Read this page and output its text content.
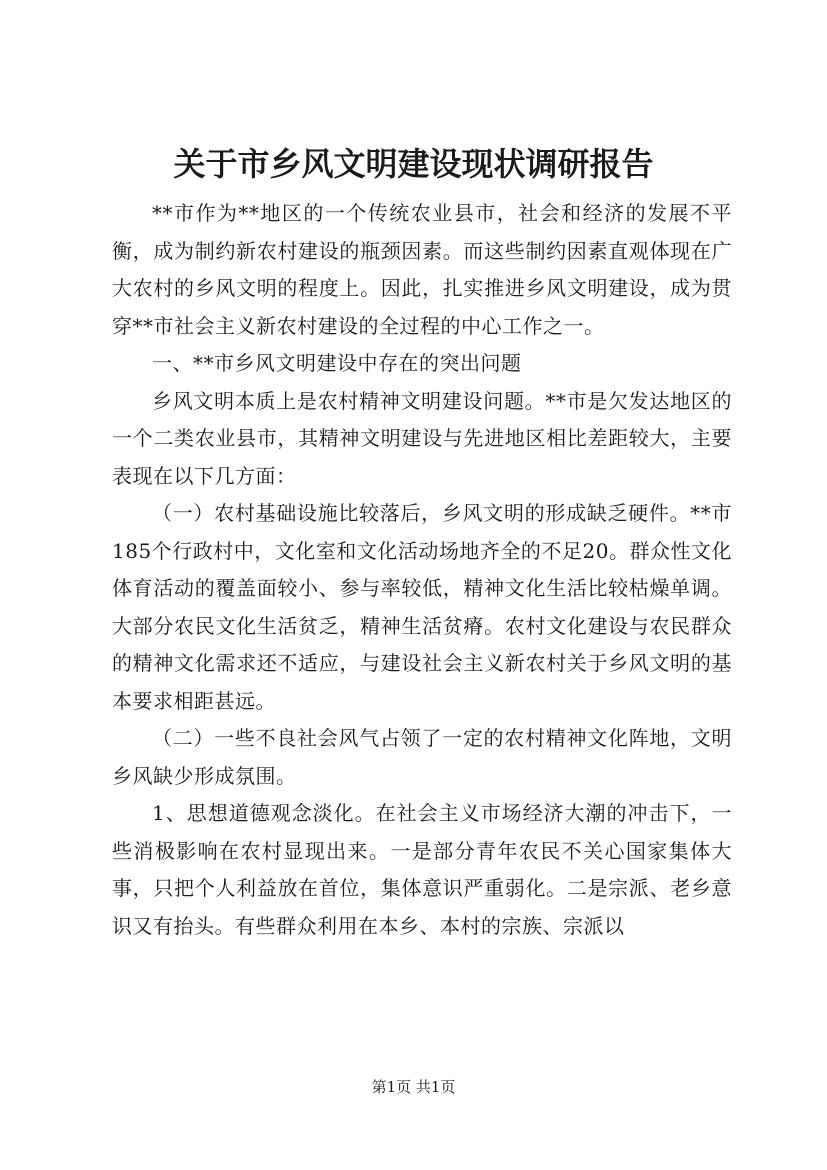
关于市乡风文明建设现状调研报告

**市作为**地区的一个传统农业县市，社会和经济的发展不平衡，成为制约新农村建设的瓶颈因素。而这些制约因素直观体现在广大农村的乡风文明的程度上。因此，扎实推进乡风文明建设，成为贯穿**市社会主义新农村建设的全过程的中心工作之一。

一、**市乡风文明建设中存在的突出问题

乡风文明本质上是农村精神文明建设问题。**市是欠发达地区的一个二类农业县市，其精神文明建设与先进地区相比差距较大，主要表现在以下几方面：

（一）农村基础设施比较落后，乡风文明的形成缺乏硬件。**市185个行政村中，文化室和文化活动场地齐全的不足20。群众性文化体育活动的覆盖面较小、参与率较低，精神文化生活比较枯燥单调。大部分农民文化生活贫乏，精神生活贫瘠。农村文化建设与农民群众的精神文化需求还不适应，与建设社会主义新农村关于乡风文明的基本要求相距甚远。

（二）一些不良社会风气占领了一定的农村精神文化阵地，文明乡风缺少形成氛围。

1、思想道德观念淡化。在社会主义市场经济大潮的冲击下，一些消极影响在农村显现出来。一是部分青年农民不关心国家集体大事，只把个人利益放在首位，集体意识严重弱化。二是宗派、老乡意识又有抬头。有些群众利用在本乡、本村的宗族、宗派以

第1页 共1页
